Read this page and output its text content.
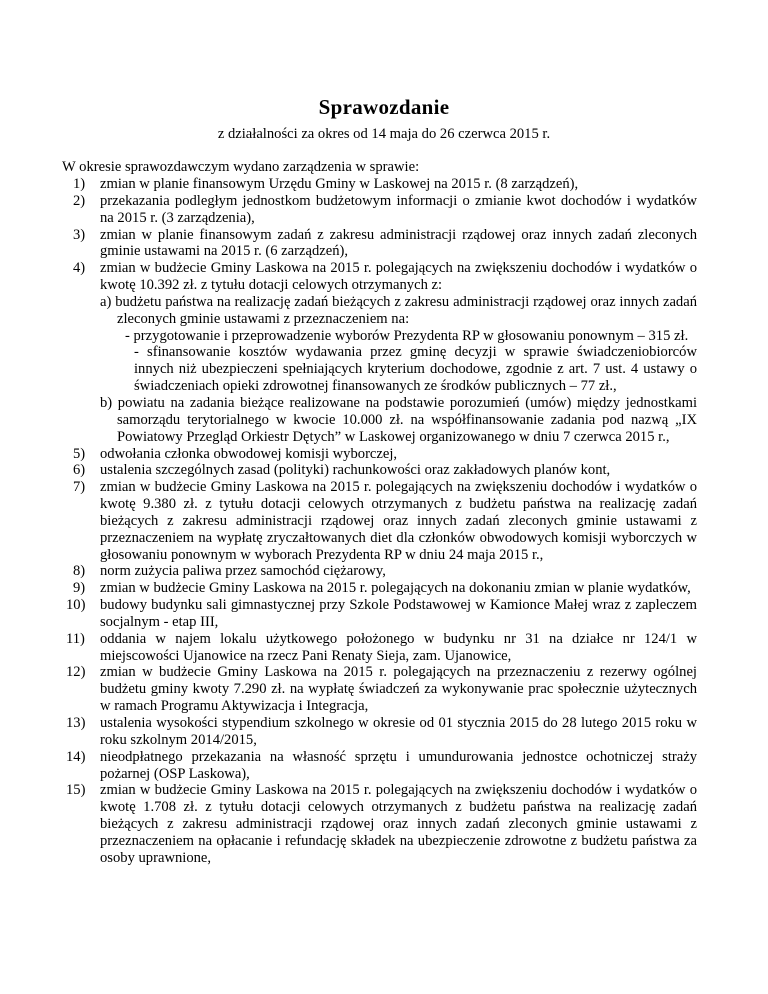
Sprawozdanie

z działalności za okres od 14 maja do 26 czerwca 2015 r.

W okresie sprawozdawczym wydano zarządzenia w sprawie:

1)	zmian w planie finansowym Urzędu Gminy w Laskowej na 2015 r. (8 zarządzeń),
2)	przekazania podległym jednostkom budżetowym informacji o zmianie kwot dochodów i wydatków na 2015 r. (3 zarządzenia),
3)	zmian w planie finansowym zadań z zakresu administracji rządowej oraz innych zadań zleconych gminie ustawami na 2015 r. (6 zarządzeń),
4)	zmian w budżecie Gminy Laskowa na 2015 r. polegających na zwiększeniu dochodów i wydatków o kwotę 10.392 zł. z tytułu dotacji celowych otrzymanych z:

a) budżetu państwa na realizację zadań bieżących z zakresu administracji rządowej oraz innych zadań zleconych gminie ustawami z przeznaczeniem na:

- przygotowanie i przeprowadzenie wyborów Prezydenta RP w głosowaniu ponownym – 315 zł.

- sfinansowanie kosztów wydawania przez gminę decyzji w sprawie świadczeniobiorców innych niż ubezpieczeni spełniających kryterium dochodowe, zgodnie z art. 7 ust. 4 ustawy o świadczeniach opieki zdrowotnej finansowanych ze środków publicznych – 77 zł.,

b) powiatu na zadania bieżące realizowane na podstawie porozumień (umów) między jednostkami samorządu terytorialnego w kwocie 10.000 zł. na współfinansowanie zadania pod nazwą „IX Powiatowy Przegląd Orkiestr Dętych” w Laskowej organizowanego w dniu 7 czerwca 2015 r.,

5)	odwołania członka obwodowej komisji wyborczej,
6)	ustalenia szczególnych zasad (polityki) rachunkowości oraz zakładowych planów kont,
7)	zmian w budżecie Gminy Laskowa na 2015 r. polegających na zwiększeniu dochodów i wydatków o kwotę 9.380 zł. z tytułu dotacji celowych otrzymanych z budżetu państwa na realizację zadań bieżących z zakresu administracji rządowej oraz innych zadań zleconych gminie ustawami z przeznaczeniem na wypłatę zryczałtowanych diet dla członków obwodowych komisji wyborczych w głosowaniu ponownym w wyborach Prezydenta RP w dniu 24 maja 2015 r.,
8)	norm zużycia paliwa przez samochód ciężarowy,
9)	zmian w budżecie Gminy Laskowa na 2015 r. polegających na dokonaniu zmian w planie wydatków,
10) budowy budynku sali gimnastycznej przy Szkole Podstawowej w Kamionce Małej wraz z zapleczem socjalnym - etap III,
11)	oddania w najem lokalu użytkowego położonego w budynku nr 31 na działce nr 124/1 w miejscowości Ujanowice na rzecz Pani Renaty Sieja, zam. Ujanowice,
12) zmian w budżecie Gminy Laskowa na 2015 r. polegających na przeznaczeniu z rezerwy ogólnej budżetu gminy kwoty 7.290 zł. na wypłatę świadczeń za wykonywanie prac społecznie użytecznych w ramach Programu Aktywizacja i Integracja,
13) ustalenia wysokości stypendium szkolnego w okresie od 01 stycznia 2015 do 28 lutego 2015 roku w roku szkolnym 2014/2015,
14) nieodpłatnego przekazania na własność sprzętu i umundurowania jednostce ochotniczej straży pożarnej (OSP Laskowa),
15) zmian w budżecie Gminy Laskowa na 2015 r. polegających na zwiększeniu dochodów i wydatków o kwotę 1.708 zł. z tytułu dotacji celowych otrzymanych z budżetu państwa na realizację zadań bieżących z zakresu administracji rządowej oraz innych zadań zleconych gminie ustawami z przeznaczeniem na opłacanie i refundację składek na ubezpieczenie zdrowotne z budżetu państwa za osoby uprawnione,
